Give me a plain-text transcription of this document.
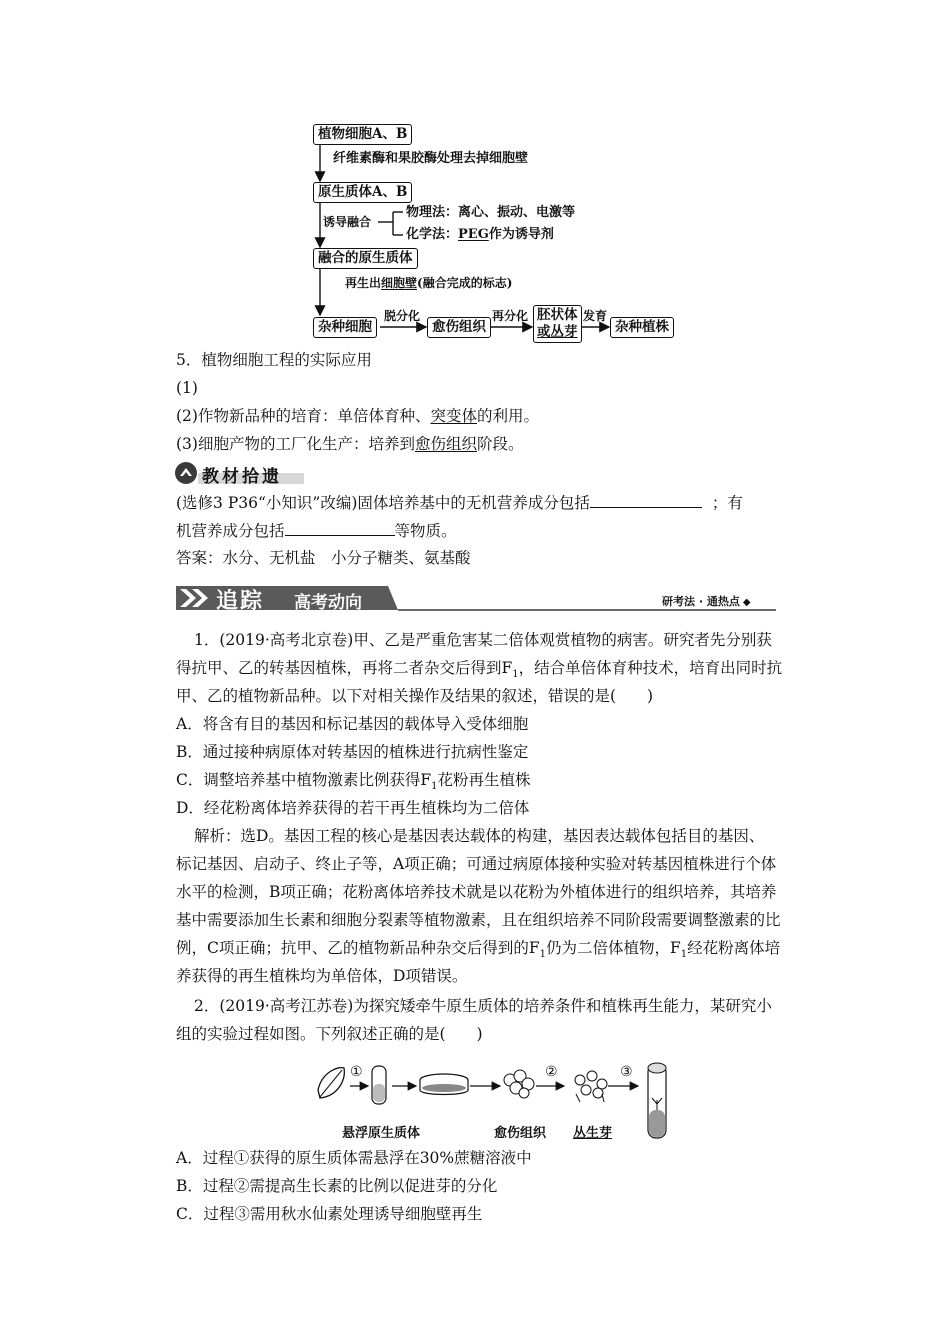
植物细胞A、B
纤维素酶和果胶酶处理去掉细胞壁
原生质体A、B
诱导融合
物理法：离心、振动、电激等
化学法：PEG作为诱导剂
融合的原生质体
再生出细胞壁(融合完成的标志)
杂种细胞
脱分化
愈伤组织
再分化 胚状体
或丛芽
发育
杂种植株
5．植物细胞工程的实际应用
(1)
(2)作物新品种的培育：单倍体育种、突变体的利用。
(3)细胞产物的工厂化生产：培养到愈伤组织阶段。
教材拾遗
(选修3 P36“小知识”改编)固体培养基中的无机营养成分包括	；有
机营养成分包括	等物质。
答案：水分、无机盐　小分子糖类、氨基酸
追踪 高考动向	研考法 · 通热点 ◆
1．(2019·高考北京卷)甲、乙是严重危害某二倍体观赏植物的病害。研究者先分别获
得抗甲、乙的转基因植株，再将二者杂交后得到$F_1$，结合单倍体育种技术，培育出同时抗
甲、乙的植物新品种。以下对相关操作及结果的叙述，错误的是(　　)
A．将含有目的基因和标记基因的载体导入受体细胞
B．通过接种病原体对转基因的植株进行抗病性鉴定
C．调整培养基中植物激素比例获得$F_1$花粉再生植株
D．经花粉离体培养获得的若干再生植株均为二倍体
解析：选D。基因工程的核心是基因表达载体的构建，基因表达载体包括目的基因、
标记基因、启动子、终止子等，A项正确；可通过病原体接种实验对转基因植株进行个体
水平的检测，B项正确；花粉离体培养技术就是以花粉为外植体进行的组织培养，其培养
基中需要添加生长素和细胞分裂素等植物激素，且在组织培养不同阶段需要调整激素的比
例，C项正确；抗甲、乙的植物新品种杂交后得到的$F_1$仍为二倍体植物，$F_1$经花粉离体培
养获得的再生植株均为单倍体，D项错误。
2．(2019·高考江苏卷)为探究矮牵牛原生质体的培养条件和植株再生能力，某研究小
组的实验过程如图。下列叙述正确的是(　　)
①	②	③
悬浮原生质体	愈伤组织 丛生芽
A．过程①获得的原生质体需悬浮在30%蔗糖溶液中
B．过程②需提高生长素的比例以促进芽的分化
C．过程③需用秋水仙素处理诱导细胞壁再生
